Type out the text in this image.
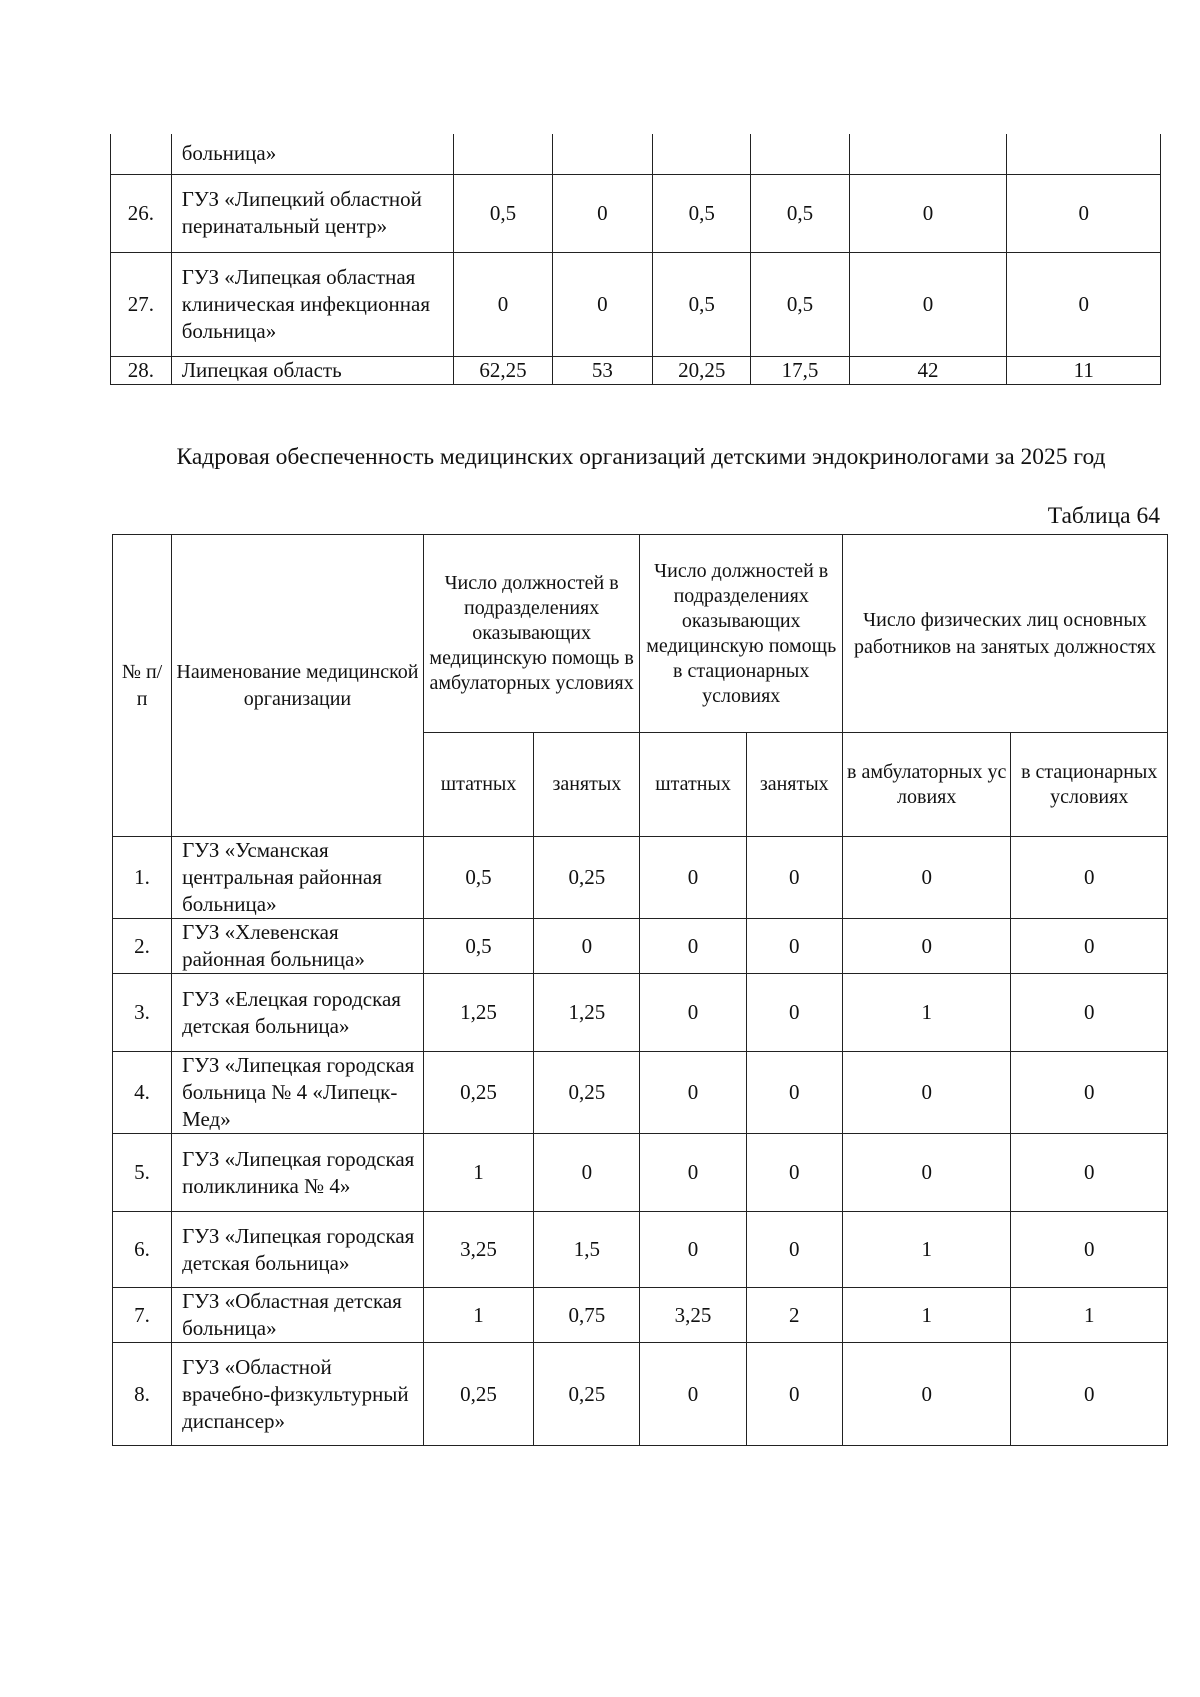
	больница»						
26.	ГУЗ «Липецкий областной перинатальный центр»	0,5	0	0,5	0,5	0	0
27.	ГУЗ «Липецкая областная клиническая инфекционная больница»	0	0	0,5	0,5	0	0
28.	Липецкая область	62,25	53	20,25	17,5	42	11
Кадровая обеспеченность медицинских организаций детскими эндокринологами за 2025 год
Таблица 64
№ п/п	Наименование медицинской организации	Число должностей в подразделениях оказывающих медицинскую помощь в амбулаторных условиях		Число должностей в подразделениях оказывающих медицинскую помощь в стационарных условиях		Число физических лиц основных работников на занятых должностях	
		штатных	занятых	штатных	занятых	в амбулаторных условиях	в стационарных условиях
1.	ГУЗ «Усманская центральная районная больница»	0,5	0,25	0	0	0	0
2.	ГУЗ «Хлевенская районная больница»	0,5	0	0	0	0	0
3.	ГУЗ «Елецкая городская детская больница»	1,25	1,25	0	0	1	0
4.	ГУЗ «Липецкая городская больница № 4 «Липецк-Мед»	0,25	0,25	0	0	0	0
5.	ГУЗ «Липецкая городская поликлиника № 4»	1	0	0	0	0	0
6.	ГУЗ «Липецкая городская детская больница»	3,25	1,5	0	0	1	0
7.	ГУЗ «Областная детская больница»	1	0,75	3,25	2	1	1
8.	ГУЗ «Областной врачебно-физкультурный диспансер»	0,25	0,25	0	0	0	0
